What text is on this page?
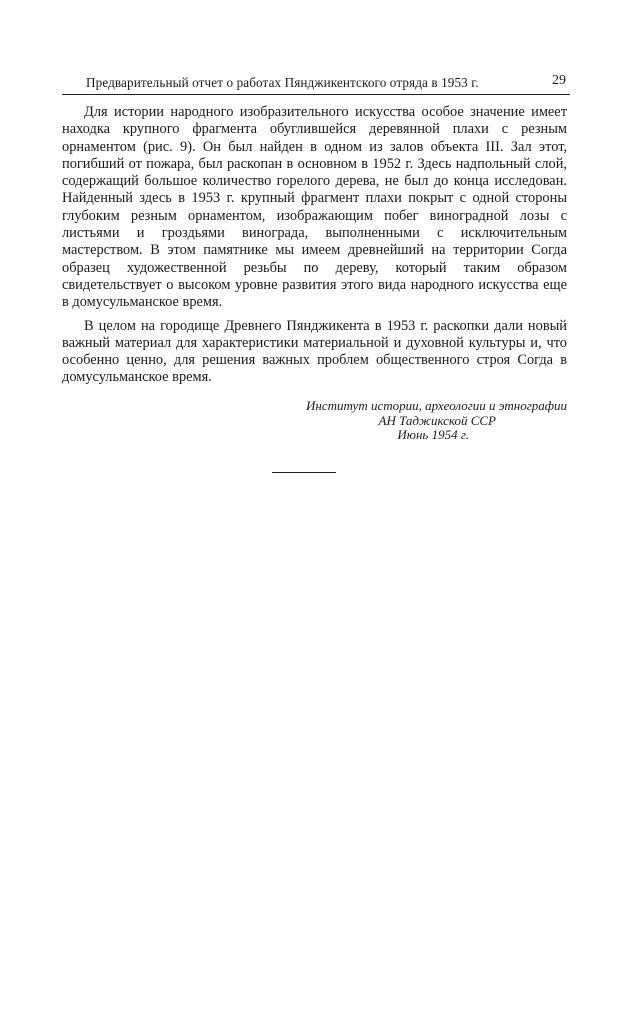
Предварительный отчет о работах Пянджикентского отряда в 1953 г.	29

Для истории народного изобразительного искусства особое значение имеет находка крупного фрагмента обуглившейся деревянной плахи с резным орнаментом (рис. 9). Он был найден в одном из залов объекта III. Зал этот, погибший от пожара, был раскопан в основном в 1952 г. Здесь надпольный слой, содержащий большое количество горелого дерева, не был до конца исследован. Найденный здесь в 1953 г. крупный фрагмент плахи покрыт с одной стороны глубоким резным орнаментом, изображающим побег виноградной лозы с листьями и гроздьями винограда, выполненными с исключительным мастерством. В этом памятнике мы имеем древнейший на территории Согда образец художественной резьбы по дереву, который таким образом свидетельствует о высоком уровне развития этого вида народного искусства еще в домусульманское время.

В целом на городище Древнего Пянджикента в 1953 г. раскопки дали новый важный материал для характеристики материальной и духовной культуры и, что особенно ценно, для решения важных проблем общественного строя Согда в домусульманское время.

Институт истории, археологии и этнографии
АН Таджикской ССР
Июнь 1954 г.
